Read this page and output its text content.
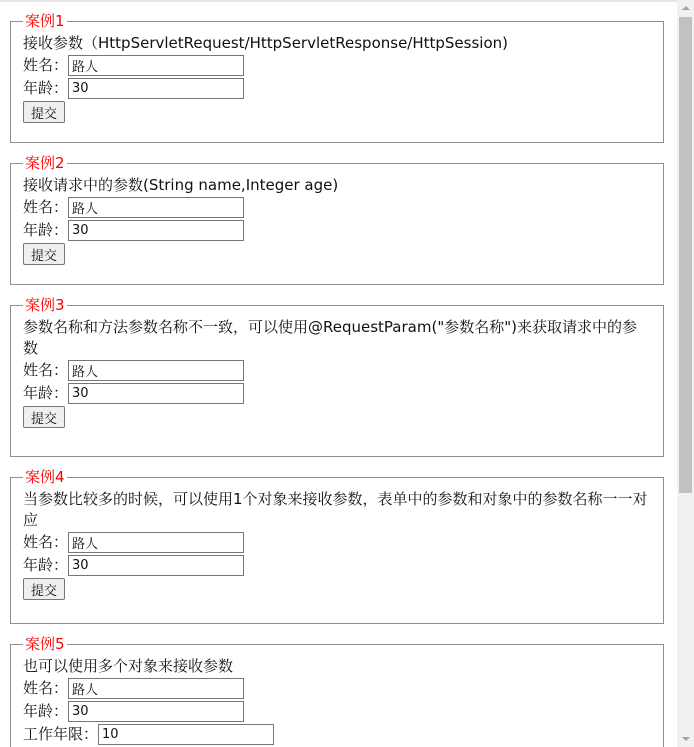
案例1
接收参数（HttpServletRequest/HttpServletResponse/HttpSession)
姓名：
路人
年龄：
30
提交
案例2
接收请求中的参数(String name,Integer age)
姓名：
路人
年龄：
30
提交
案例3
参数名称和方法参数名称不一致，可以使用@RequestParam("参数名称")来获取请求中的参数
姓名：
路人
年龄：
30
提交
案例4
当参数比较多的时候，可以使用1个对象来接收参数，表单中的参数和对象中的参数名称一一对应
姓名：
路人
年龄：
30
提交
案例5
也可以使用多个对象来接收参数
姓名：
路人
年龄：
30
工作年限：
10
